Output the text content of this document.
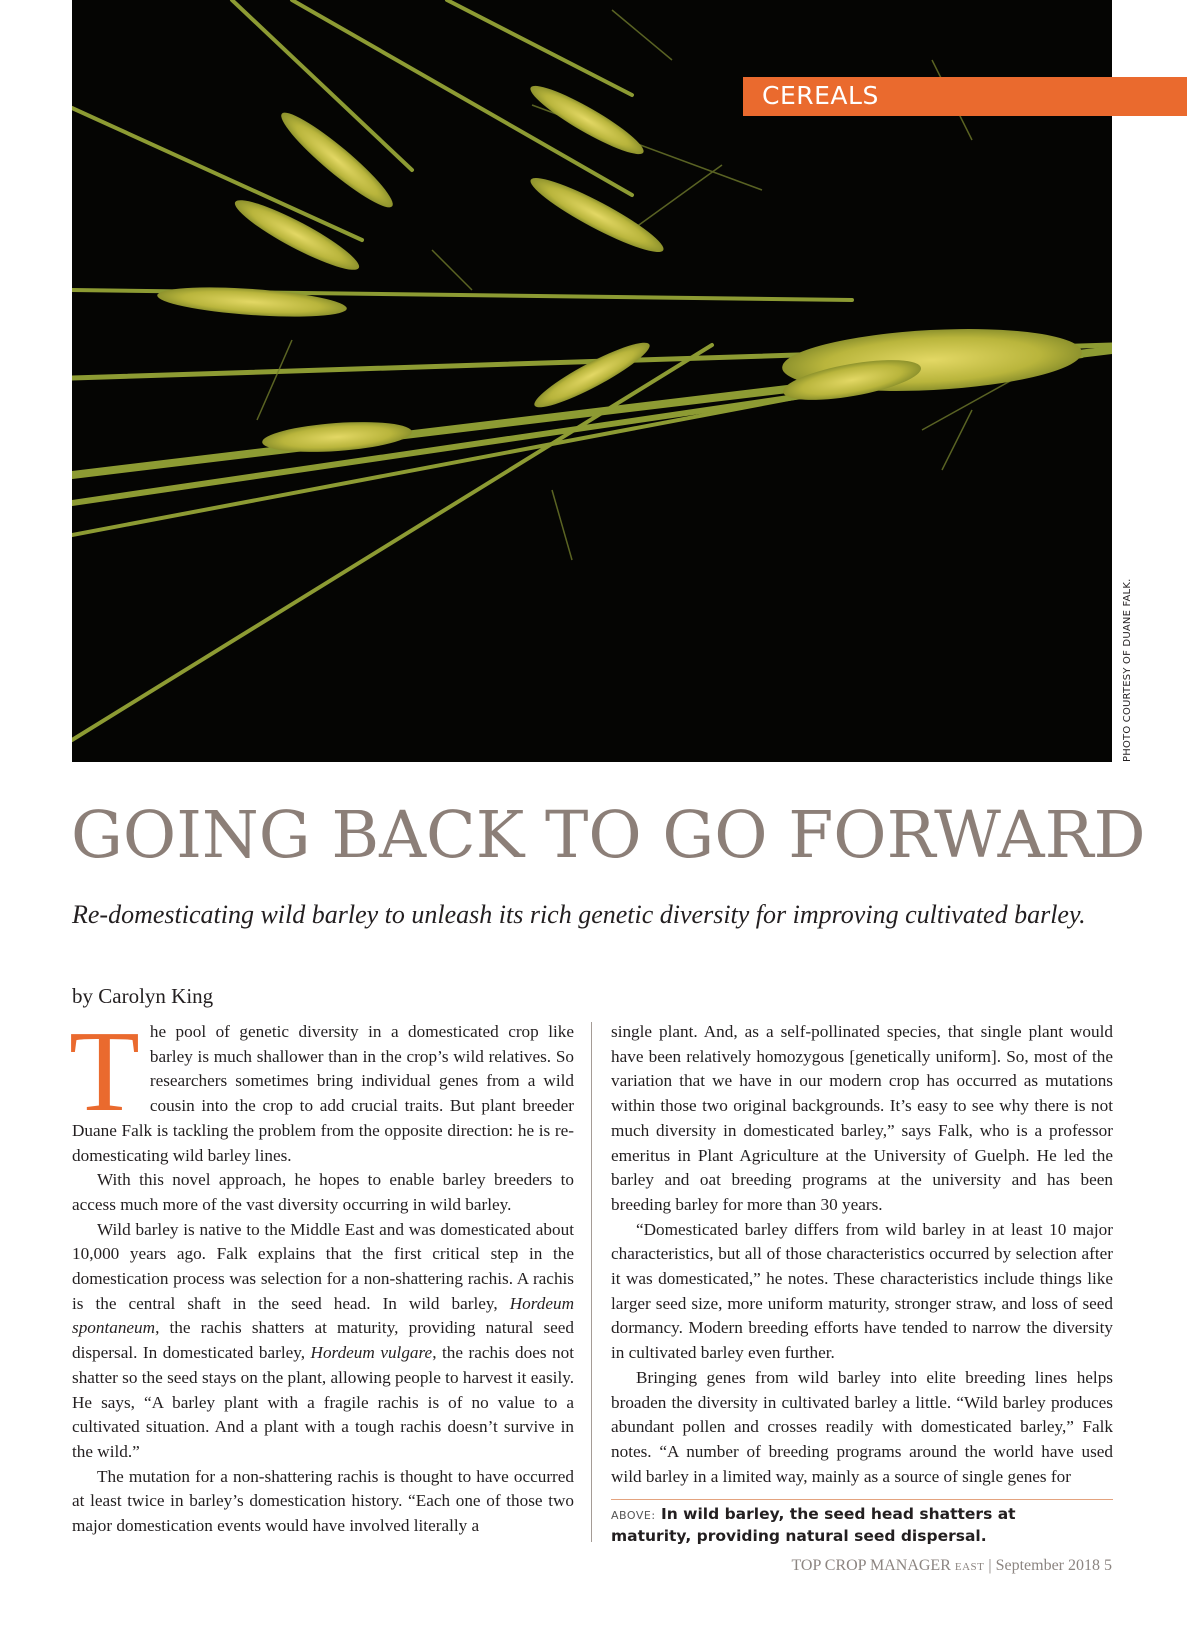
CEREALS
PHOTO COURTESY OF DUANE FALK.
GOING BACK TO GO FORWARD

Re-domesticating wild barley to unleash its rich genetic diversity for improving cultivated barley.

by Carolyn King

The pool of genetic diversity in a domesticated crop like barley is much shallower than in the crop’s wild relatives. So researchers sometimes bring individual genes from a wild cousin into the crop to add crucial traits. But plant breeder Duane Falk is tackling the problem from the opposite direction: he is re-domesticating wild barley lines.

With this novel approach, he hopes to enable barley breeders to access much more of the vast diversity occurring in wild barley.

Wild barley is native to the Middle East and was domesticated about 10,000 years ago. Falk explains that the first critical step in the domestication process was selection for a non-shattering rachis. A rachis is the central shaft in the seed head. In wild barley, Hordeum spontaneum, the rachis shatters at maturity, providing natural seed dispersal. In domesticated barley, Hordeum vulgare, the rachis does not shatter so the seed stays on the plant, allowing people to harvest it easily. He says, “A barley plant with a fragile rachis is of no value to a cultivated situation. And a plant with a tough rachis doesn’t survive in the wild.”

The mutation for a non-shattering rachis is thought to have occurred at least twice in barley’s domestication history. “Each one of those two major domestication events would have involved literally a

single plant. And, as a self-pollinated species, that single plant would have been relatively homozygous [genetically uniform]. So, most of the variation that we have in our modern crop has occurred as mutations within those two original backgrounds. It’s easy to see why there is not much diversity in domesticated barley,” says Falk, who is a professor emeritus in Plant Agriculture at the University of Guelph. He led the barley and oat breeding programs at the university and has been breeding barley for more than 30 years.

“Domesticated barley differs from wild barley in at least 10 major characteristics, but all of those characteristics occurred by selection after it was domesticated,” he notes. These characteristics include things like larger seed size, more uniform maturity, stronger straw, and loss of seed dormancy. Modern breeding efforts have tended to narrow the diversity in cultivated barley even further.

Bringing genes from wild barley into elite breeding lines helps broaden the diversity in cultivated barley a little. “Wild barley produces abundant pollen and crosses readily with domesticated barley,” Falk notes. “A number of breeding programs around the world have used wild barley in a limited way, mainly as a source of single genes for

ABOVE: In wild barley, the seed head shatters at maturity, providing natural seed dispersal.

TOP CROP MANAGER EAST | September 2018 5
